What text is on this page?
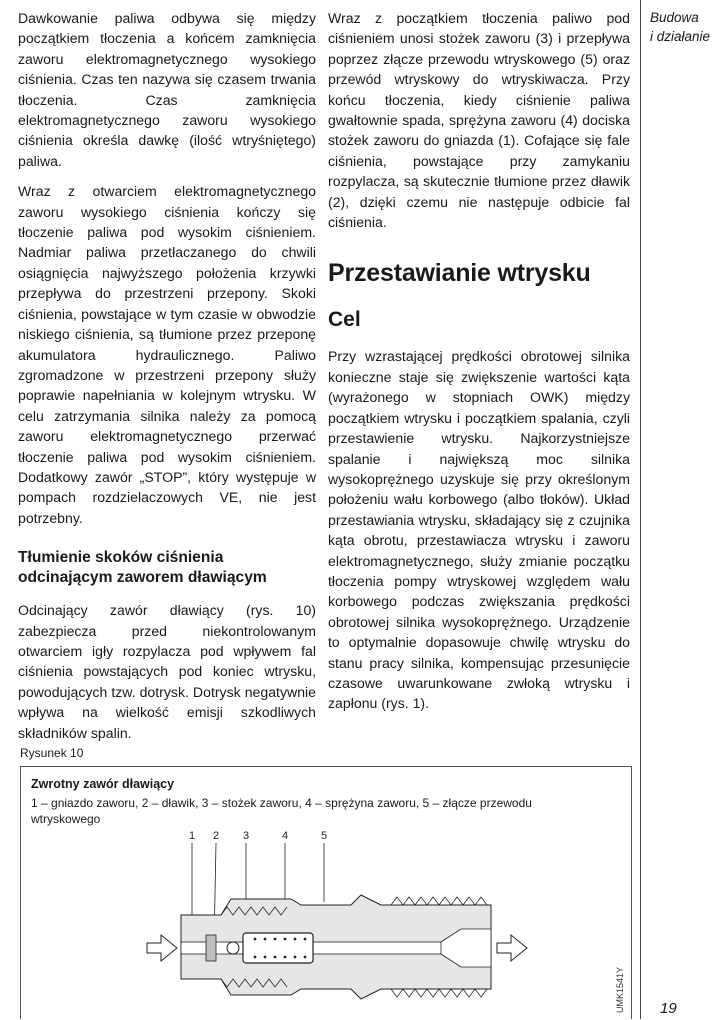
Dawkowanie paliwa odbywa się między początkiem tłoczenia a końcem zamknięcia zaworu elektromagnetycznego wysokiego ciśnienia. Czas ten nazywa się czasem trwania tłoczenia. Czas zamknięcia elektromagnetycznego zaworu wysokiego ciśnienia określa dawkę (ilość wtryśniętego) paliwa.

Wraz z otwarciem elektromagnetycznego zaworu wysokiego ciśnienia kończy się tłoczenie paliwa pod wysokim ciśnieniem. Nadmiar paliwa przetłaczanego do chwili osiągnięcia najwyższego położenia krzywki przepływa do przestrzeni przepony. Skoki ciśnienia, powstające w tym czasie w obwodzie niskiego ciśnienia, są tłumione przez przeponę akumulatora hydraulicznego. Paliwo zgromadzone w przestrzeni przepony służy poprawie napełniania w kolejnym wtrysku. W celu zatrzymania silnika należy za pomocą zaworu elektromagnetycznego przerwać tłoczenie paliwa pod wysokim ciśnieniem. Dodatkowy zawór „STOP”, który występuje w pompach rozdzielaczowych VE, nie jest potrzebny.

Tłumienie skoków ciśnienia odcinającym zaworem dławiącym

Odcinający zawór dławiący (rys. 10) zabezpiecza przed niekontrolowanym otwarciem igły rozpylacza pod wpływem fal ciśnienia powstających pod koniec wtrysku, powodujących tzw. dotrysk. Dotrysk negatywnie wpływa na wielkość emisji szkodliwych składników spalin.

Wraz z początkiem tłoczenia paliwo pod ciśnieniem unosi stożek zaworu (3) i przepływa poprzez złącze przewodu wtryskowego (5) oraz przewód wtryskowy do wtryskiwacza. Przy końcu tłoczenia, kiedy ciśnienie paliwa gwałtownie spada, sprężyna zaworu (4) dociska stożek zaworu do gniazda (1). Cofające się fale ciśnienia, powstające przy zamykaniu rozpylacza, są skutecznie tłumione przez dławik (2), dzięki czemu nie następuje odbicie fal ciśnienia.

Przestawianie wtrysku
Cel

Przy wzrastającej prędkości obrotowej silnika konieczne staje się zwiększenie wartości kąta (wyrażonego w stopniach OWK) między początkiem wtrysku i początkiem spalania, czyli przestawienie wtrysku. Najkorzystniejsze spalanie i największą moc silnika wysokoprężnego uzyskuje się przy określonym położeniu wału korbowego (albo tłoków). Układ przestawiania wtrysku, składający się z czujnika kąta obrotu, przestawiacza wtrysku i zaworu elektromagnetycznego, służy zmianie początku tłoczenia pompy wtryskowej względem wału korbowego podczas zwiększania prędkości obrotowej silnika wysokoprężnego. Urządzenie to optymalnie dopasowuje chwilę wtrysku do stanu pracy silnika, kompensując przesunięcie czasowe uwarunkowane zwłoką wtrysku i zapłonu (rys. 1).

Budowa
i działanie
19
Rysunek 10
Zwrotny zawór dławiący
1 – gniazdo zaworu, 2 – dławik, 3 – stożek zaworu, 4 – sprężyna zaworu, 5 – złącze przewodu wtryskowego
1 2 3	4	5
UMK1541Y
